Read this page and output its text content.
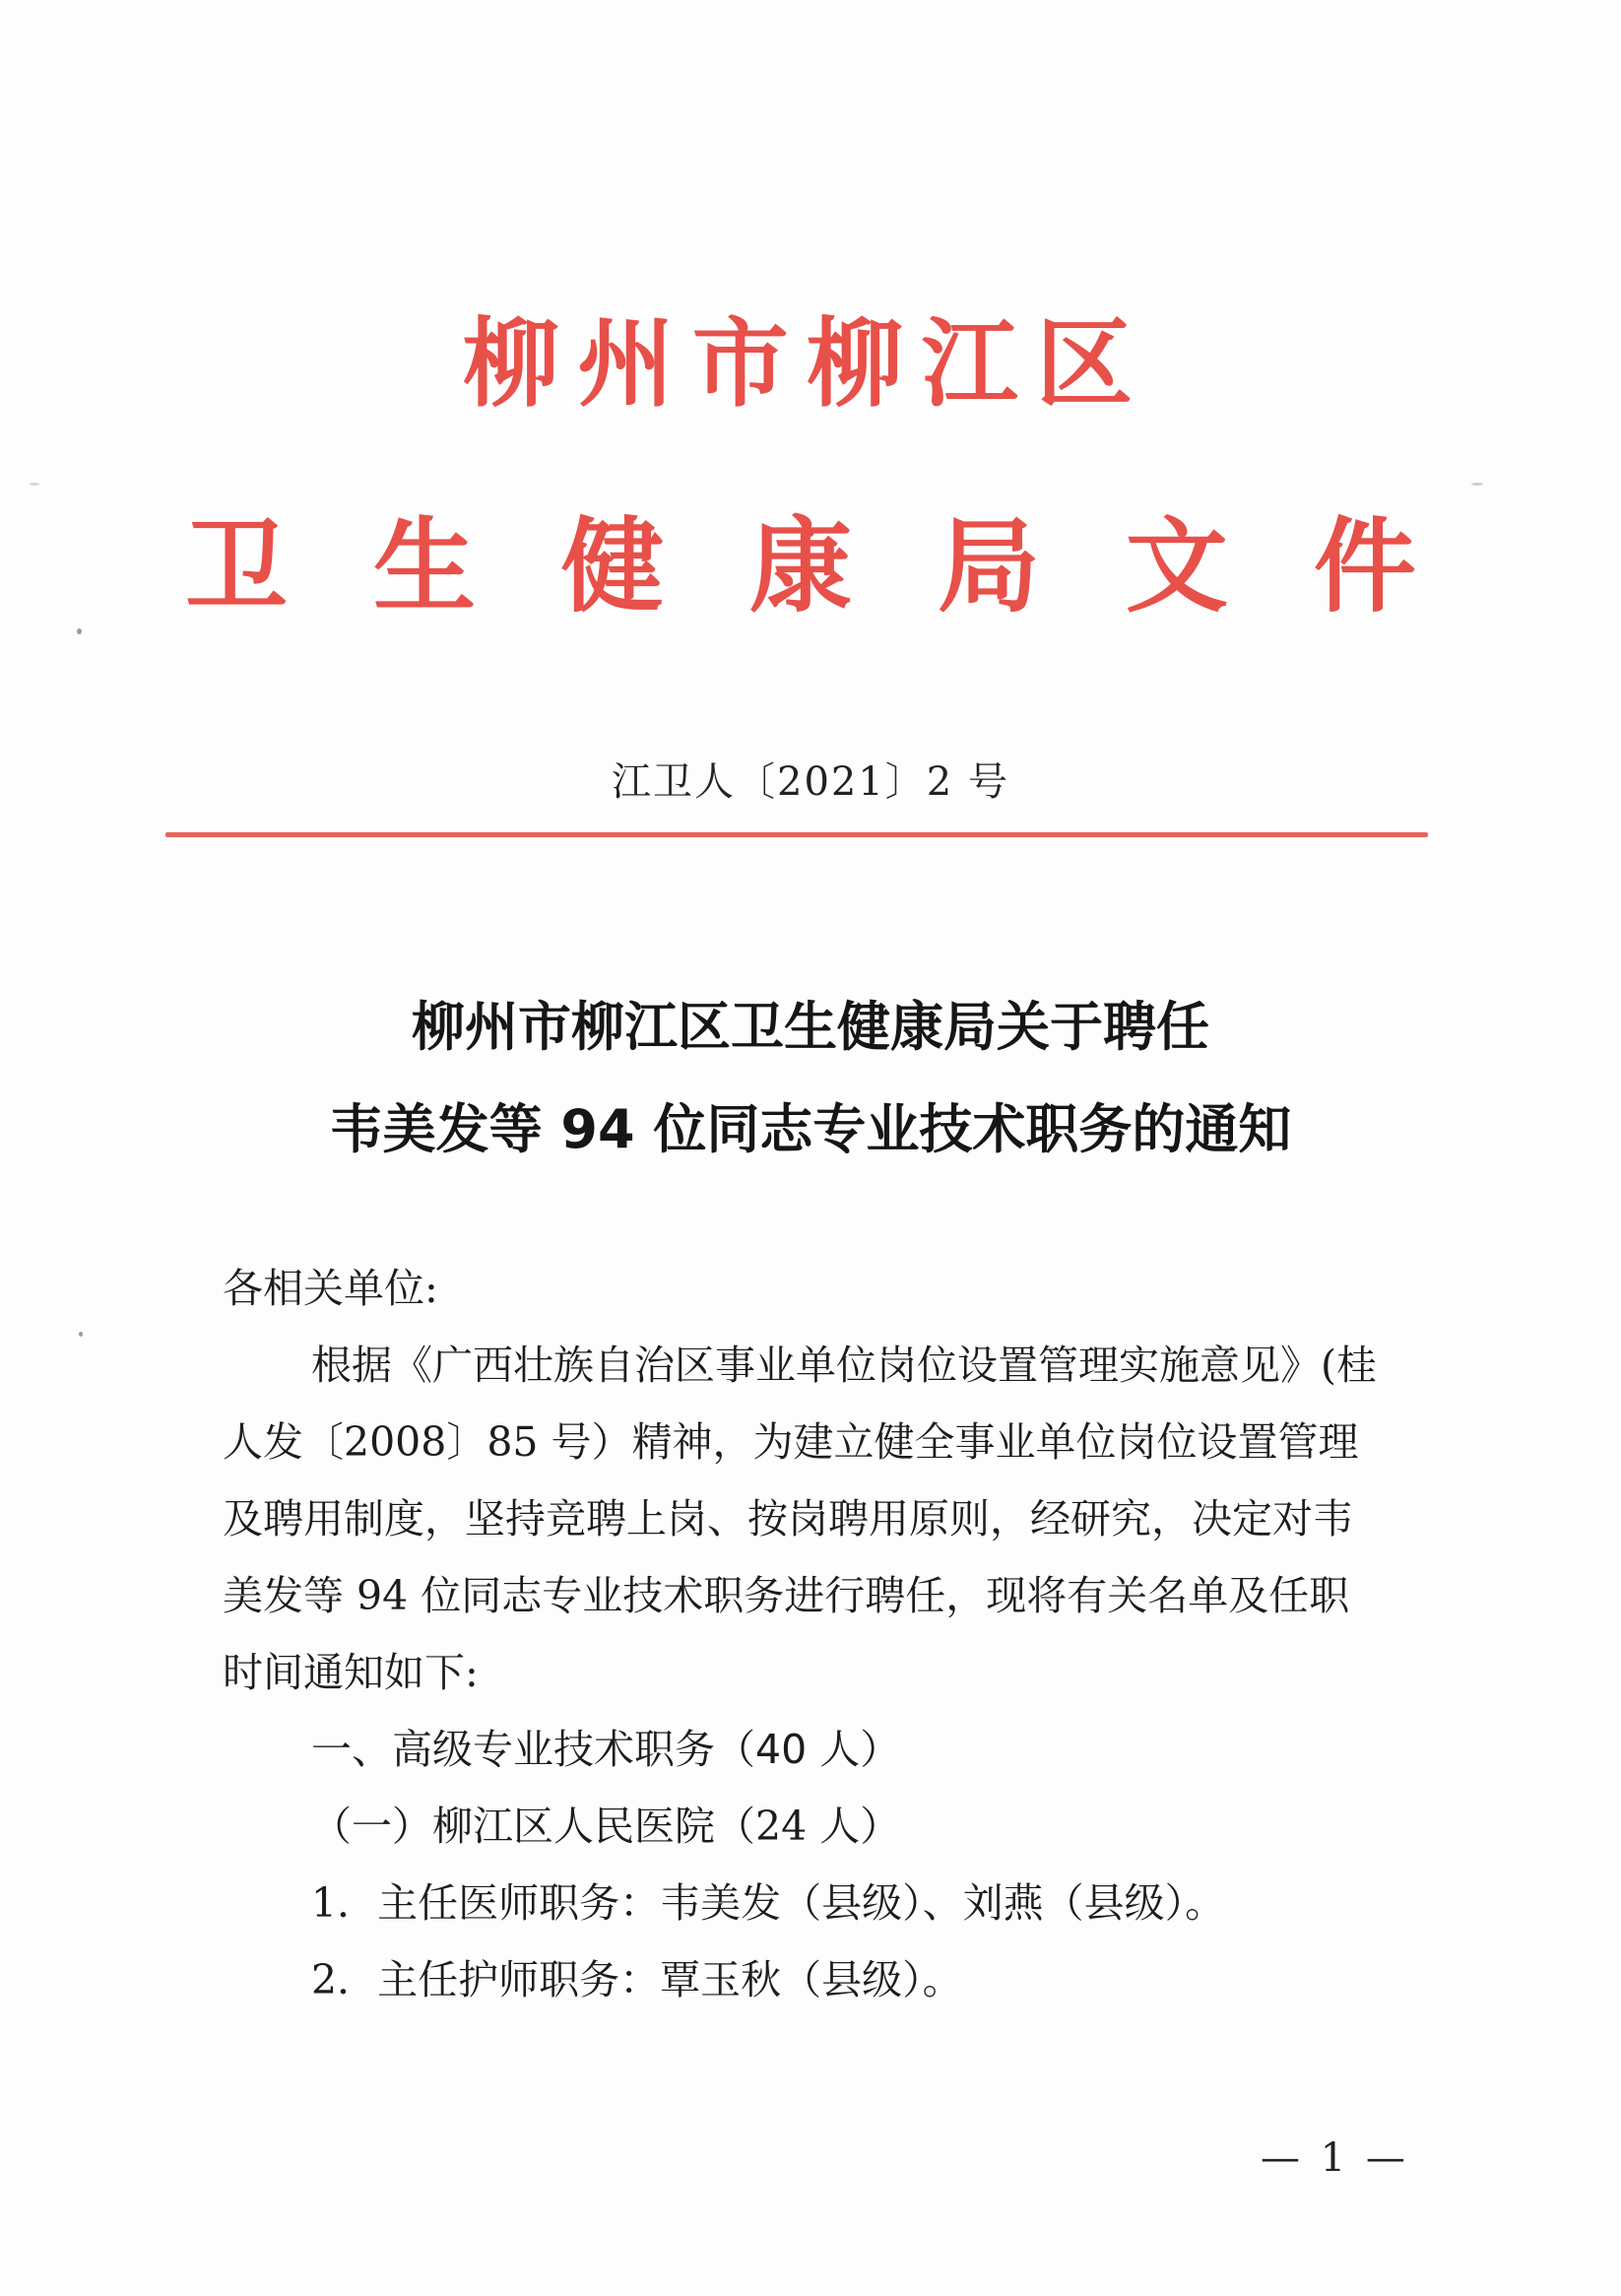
柳 州 市 柳 江 区
卫 生 健 康 局 文 件
江卫人〔2021〕2 号
柳州市柳江区卫生健康局关于聘任
韦美发等 94 位同志专业技术职务的通知
各相关单位:
根据《广西壮族自治区事业单位岗位设置管理实施意见》(桂
人发〔2008〕85 号）精神，为建立健全事业单位岗位设置管理
及聘用制度，坚持竞聘上岗、按岗聘用原则，经研究，决定对韦
美发等 94 位同志专业技术职务进行聘任，现将有关名单及任职
时间通知如下:
一、高级专业技术职务（40 人）
（一）柳江区人民医院（24 人）
1．主任医师职务：韦美发（县级）、刘燕（县级）。
2．主任护师职务：覃玉秋（县级）。
— 1 —
